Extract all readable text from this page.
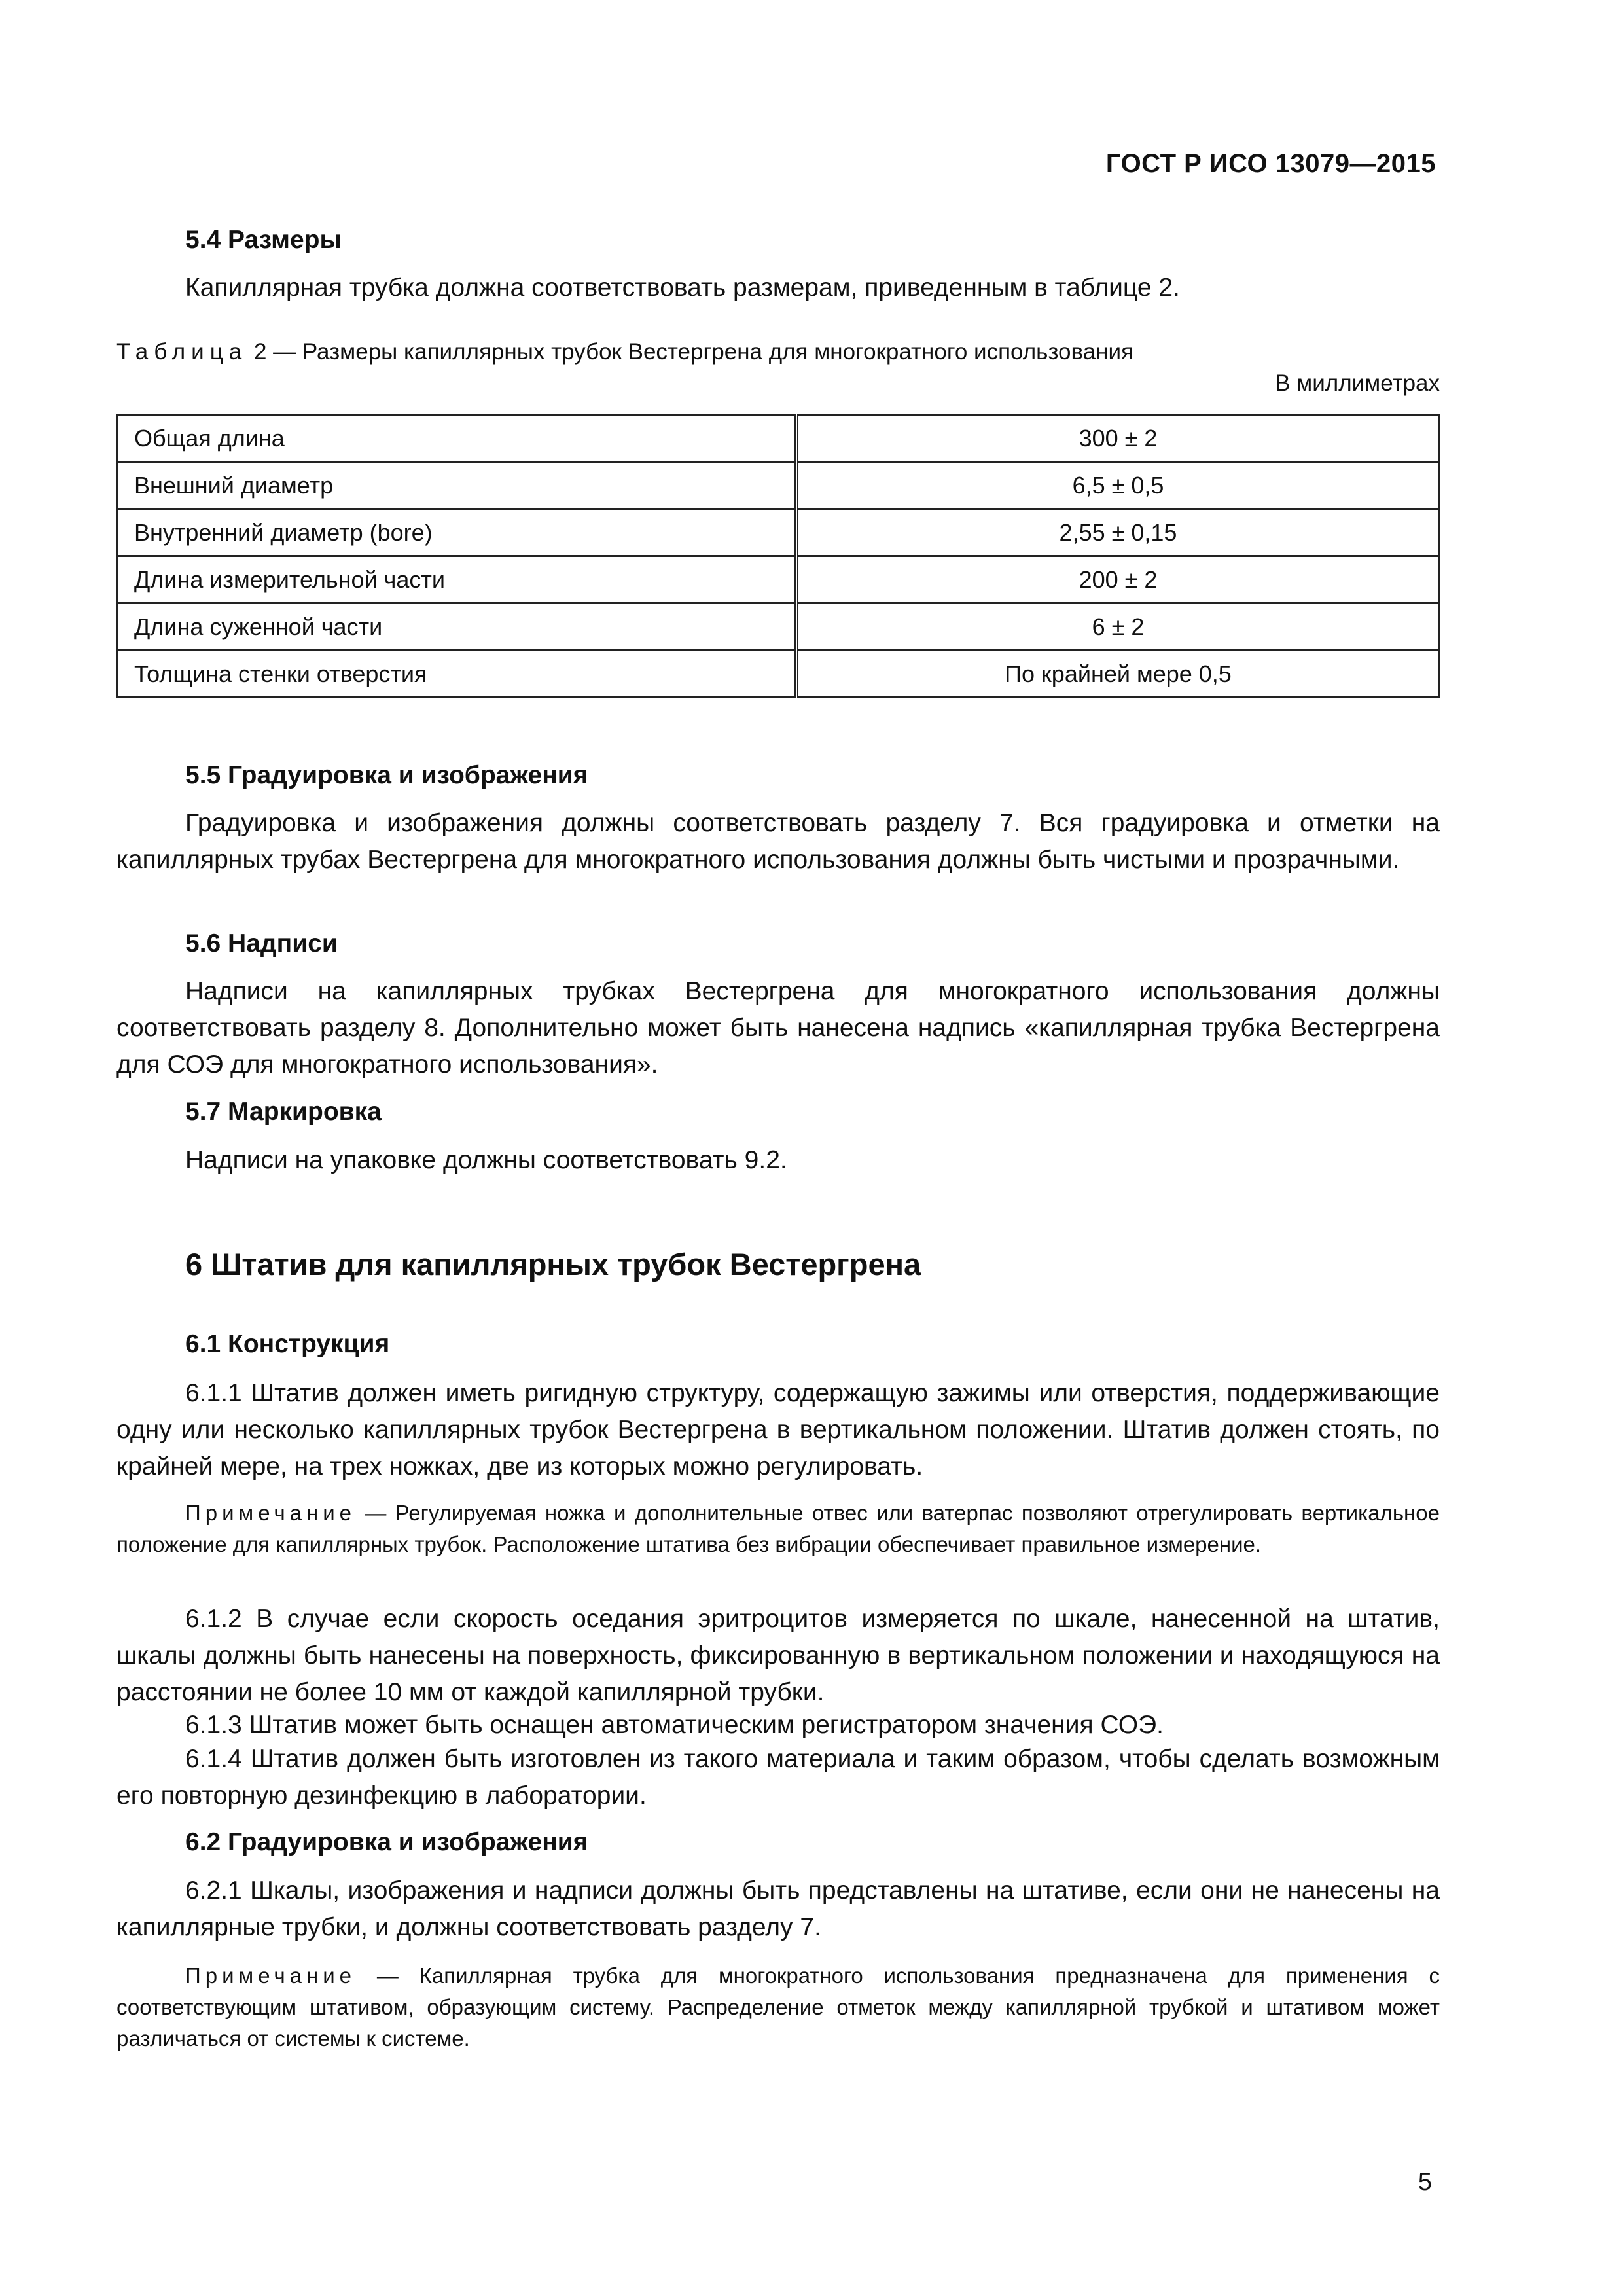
ГОСТ Р ИСО 13079—2015
5.4 Размеры
Капиллярная трубка должна соответствовать размерам, приведенным в таблице 2.
Таблица 2 — Размеры капиллярных трубок Вестергрена для многократного использования
В миллиметрах
Общая длина	300 ± 2
Внешний диаметр	6,5 ± 0,5
Внутренний диаметр (bore)	2,55 ± 0,15
Длина измерительной части	200 ± 2
Длина суженной части	6 ± 2
Толщина стенки отверстия	По крайней мере 0,5
5.5 Градуировка и изображения
Градуировка и изображения должны соответствовать разделу 7. Вся градуировка и отметки на капиллярных трубах Вестергрена для многократного использования должны быть чистыми и прозрачными.
5.6 Надписи
Надписи на капиллярных трубках Вестергрена для многократного использования должны соответствовать разделу 8. Дополнительно может быть нанесена надпись «капиллярная трубка Вестергрена для СОЭ для многократного использования».
5.7 Маркировка
Надписи на упаковке должны соответствовать 9.2.
6 Штатив для капиллярных трубок Вестергрена
6.1 Конструкция
6.1.1 Штатив должен иметь ригидную структуру, содержащую зажимы или отверстия, поддерживающие одну или несколько капиллярных трубок Вестергрена в вертикальном положении. Штатив должен стоять, по крайней мере, на трех ножках, две из которых можно регулировать.
Примечание — Регулируемая ножка и дополнительные отвес или ватерпас позволяют отрегулировать вертикальное положение для капиллярных трубок. Расположение штатива без вибрации обеспечивает правильное измерение.
6.1.2 В случае если скорость оседания эритроцитов измеряется по шкале, нанесенной на штатив, шкалы должны быть нанесены на поверхность, фиксированную в вертикальном положении и находящуюся на расстоянии не более 10 мм от каждой капиллярной трубки.
6.1.3 Штатив может быть оснащен автоматическим регистратором значения СОЭ.
6.1.4 Штатив должен быть изготовлен из такого материала и таким образом, чтобы сделать возможным его повторную дезинфекцию в лаборатории.
6.2 Градуировка и изображения
6.2.1 Шкалы, изображения и надписи должны быть представлены на штативе, если они не нанесены на капиллярные трубки, и должны соответствовать разделу 7.
Примечание — Капиллярная трубка для многократного использования предназначена для применения с соответствующим штативом, образующим систему. Распределение отметок между капиллярной трубкой и штативом может различаться от системы к системе.
5
